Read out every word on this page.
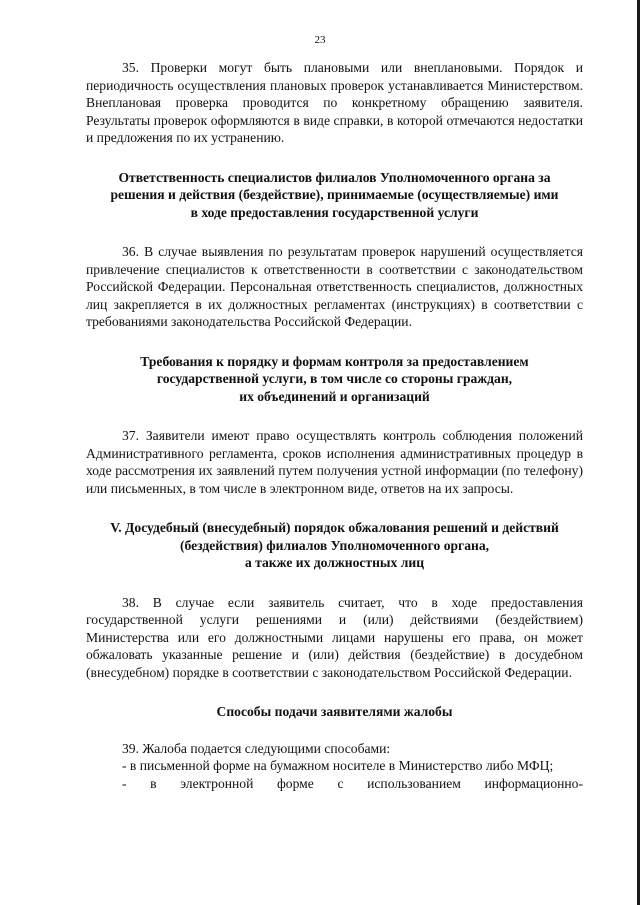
23

35. Проверки могут быть плановыми или внеплановыми. Порядок и периодичность осуществления плановых проверок устанавливается Министерством. Внеплановая проверка проводится по конкретному обращению заявителя. Результаты проверок оформляются в виде справки, в которой отмечаются недостатки и предложения по их устранению.

Ответственность специалистов филиалов Уполномоченного органа за
решения и действия (бездействие), принимаемые (осуществляемые) ими
в ходе предоставления государственной услуги

36. В случае выявления по результатам проверок нарушений осуществляется привлечение специалистов к ответственности в соответствии с законодательством Российской Федерации. Персональная ответственность специалистов, должностных лиц закрепляется в их должностных регламентах (инструкциях) в соответствии с требованиями законодательства Российской Федерации.

Требования к порядку и формам контроля за предоставлением
государственной услуги, в том числе со стороны граждан,
их объединений и организаций

37. Заявители имеют право осуществлять контроль соблюдения положений Административного регламента, сроков исполнения административных процедур в ходе рассмотрения их заявлений путем получения устной информации (по телефону) или письменных, в том числе в электронном виде, ответов на их запросы.

V. Досудебный (внесудебный) порядок обжалования решений и действий
(бездействия) филиалов Уполномоченного органа,
а также их должностных лиц

38. В случае если заявитель считает, что в ходе предоставления государственной услуги решениями и (или) действиями (бездействием) Министерства или его должностными лицами нарушены его права, он может обжаловать указанные решение и (или) действия (бездействие) в досудебном (внесудебном) порядке в соответствии с законодательством Российской Федерации.

Способы подачи заявителями жалобы

39. Жалоба подается следующими способами:

- в письменной форме на бумажном носителе в Министерство либо МФЦ;

- в электронной форме с использованием информационно-
